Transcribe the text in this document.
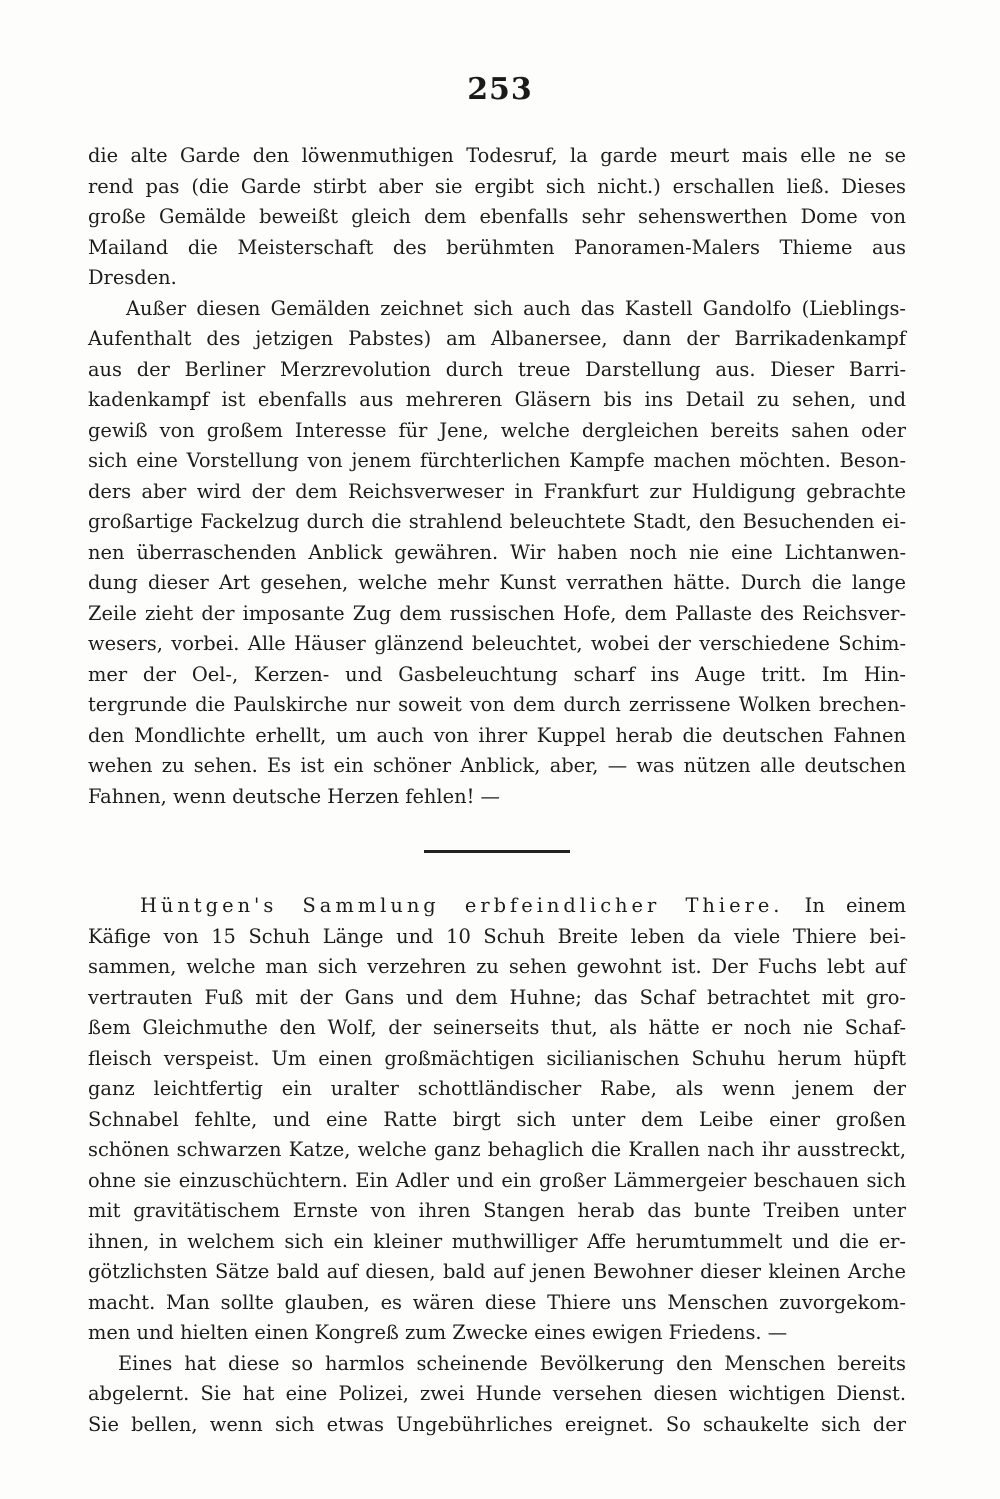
253
die alte Garde den löwenmuthigen Todesruf, la garde meurt mais elle ne se
rend pas (die Garde stirbt aber sie ergibt sich nicht.) erschallen ließ. Dieses
große Gemälde beweißt gleich dem ebenfalls sehr sehenswerthen Dome von
Mailand die Meisterschaft des berühmten Panoramen-Malers Thieme aus
Dresden.
Außer diesen Gemälden zeichnet sich auch das Kastell Gandolfo (Lieblings-
Aufenthalt des jetzigen Pabstes) am Albanersee, dann der Barrikadenkampf
aus der Berliner Merzrevolution durch treue Darstellung aus. Dieser Barri-
kadenkampf ist ebenfalls aus mehreren Gläsern bis ins Detail zu sehen, und
gewiß von großem Interesse für Jene, welche dergleichen bereits sahen oder
sich eine Vorstellung von jenem fürchterlichen Kampfe machen möchten. Beson-
ders aber wird der dem Reichsverweser in Frankfurt zur Huldigung gebrachte
großartige Fackelzug durch die strahlend beleuchtete Stadt, den Besuchenden ei-
nen überraschenden Anblick gewähren. Wir haben noch nie eine Lichtanwen-
dung dieser Art gesehen, welche mehr Kunst verrathen hätte. Durch die lange
Zeile zieht der imposante Zug dem russischen Hofe, dem Pallaste des Reichsver-
wesers, vorbei. Alle Häuser glänzend beleuchtet, wobei der verschiedene Schim-
mer der Oel-, Kerzen- und Gasbeleuchtung scharf ins Auge tritt. Im Hin-
tergrunde die Paulskirche nur soweit von dem durch zerrissene Wolken brechen-
den Mondlichte erhellt, um auch von ihrer Kuppel herab die deutschen Fahnen
wehen zu sehen. Es ist ein schöner Anblick, aber, — was nützen alle deutschen
Fahnen, wenn deutsche Herzen fehlen! —
Hüntgen's Sammlung erbfeindlicher Thiere. In einem
Käfige von 15 Schuh Länge und 10 Schuh Breite leben da viele Thiere bei-
sammen, welche man sich verzehren zu sehen gewohnt ist. Der Fuchs lebt auf
vertrauten Fuß mit der Gans und dem Huhne; das Schaf betrachtet mit gro-
ßem Gleichmuthe den Wolf, der seinerseits thut, als hätte er noch nie Schaf-
fleisch verspeist. Um einen großmächtigen sicilianischen Schuhu herum hüpft
ganz leichtfertig ein uralter schottländischer Rabe, als wenn jenem der
Schnabel fehlte, und eine Ratte birgt sich unter dem Leibe einer großen
schönen schwarzen Katze, welche ganz behaglich die Krallen nach ihr ausstreckt,
ohne sie einzuschüchtern. Ein Adler und ein großer Lämmergeier beschauen sich
mit gravitätischem Ernste von ihren Stangen herab das bunte Treiben unter
ihnen, in welchem sich ein kleiner muthwilliger Affe herumtummelt und die er-
götzlichsten Sätze bald auf diesen, bald auf jenen Bewohner dieser kleinen Arche
macht. Man sollte glauben, es wären diese Thiere uns Menschen zuvorgekom-
men und hielten einen Kongreß zum Zwecke eines ewigen Friedens. —
Eines hat diese so harmlos scheinende Bevölkerung den Menschen bereits
abgelernt. Sie hat eine Polizei, zwei Hunde versehen diesen wichtigen Dienst.
Sie bellen, wenn sich etwas Ungebührliches ereignet. So schaukelte sich der
